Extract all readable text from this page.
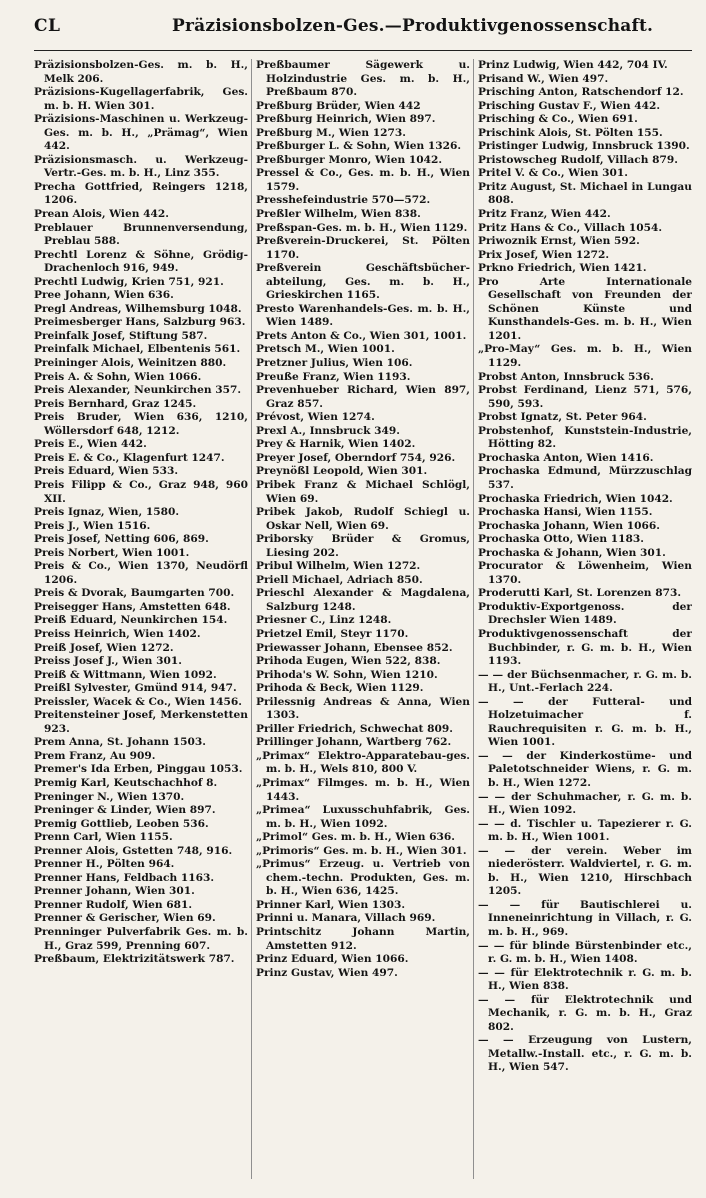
CL	Präzisionsbolzen-Ges.—Produktivgenossenschaft.

Präzisionsbolzen-Ges. m. b. H., Melk 206.

Präzisions-Kugellagerfabrik, Ges. m. b. H. Wien 301.

Präzisions-Maschinen u. Werkzeug-Ges. m. b. H., „Prämag“, Wien 442.

Präzisionsmasch. u. Werkzeug-Vertr.-Ges. m. b. H., Linz 355.

Precha Gottfried, Reingers 1218, 1206.

Prean Alois, Wien 442.

Preblauer Brunnenversendung, Preblau 588.

Prechtl Lorenz & Söhne, Grödig-Drachenloch 916, 949.

Prechtl Ludwig, Krien 751, 921.

Pree Johann, Wien 636.

Pregl Andreas, Wilhemsburg 1048.

Preimesberger Hans, Salzburg 963.

Preinfalk Josef, Stiftung 587.

Preinfalk Michael, Elbentenis 561.

Preininger Alois, Weinitzen 880.

Preis A. & Sohn, Wien 1066.

Preis Alexander, Neunkirchen 357.

Preis Bernhard, Graz 1245.

Preis Bruder, Wien 636, 1210, Wöllersdorf 648, 1212.

Preis E., Wien 442.

Preis E. & Co., Klagenfurt 1247.

Preis Eduard, Wien 533.

Preis Filipp & Co., Graz 948, 960 XII.

Preis Ignaz, Wien, 1580.

Preis J., Wien 1516.

Preis Josef, Netting 606, 869.

Preis Norbert, Wien 1001.

Preis & Co., Wien 1370, Neudörfl 1206.

Preis & Dvorak, Baumgarten 700.

Preisegger Hans, Amstetten 648.

Preiß Eduard, Neunkirchen 154.

Preiss Heinrich, Wien 1402.

Preiß Josef, Wien 1272.

Preiss Josef J., Wien 301.

Preiß & Wittmann, Wien 1092.

Preißl Sylvester, Gmünd 914, 947.

Preissler, Wacek & Co., Wien 1456.

Preitensteiner Josef, Merkenstetten 923.

Prem Anna, St. Johann 1503.

Prem Franz, Au 909.

Premer's Ida Erben, Pinggau 1053.

Premig Karl, Keutschachhof 8.

Preninger N., Wien 1370.

Preninger & Linder, Wien 897.

Premig Gottlieb, Leoben 536.

Prenn Carl, Wien 1155.

Prenner Alois, Gstetten 748, 916.

Prenner H., Pölten 964.

Prenner Hans, Feldbach 1163.

Prenner Johann, Wien 301.

Prenner Rudolf, Wien 681.

Prenner & Gerischer, Wien 69.

Prenninger Pulverfabrik Ges. m. b. H., Graz 599, Prenning 607.

Preßbaum, Elektrizitätswerk 787.

Preßbaumer Sägewerk u. Holzindustrie Ges. m. b. H., Preßbaum 870.

Preßburg Brüder, Wien 442

Preßburg Heinrich, Wien 897.

Preßburg M., Wien 1273.

Preßburger L. & Sohn, Wien 1326.

Preßburger Monro, Wien 1042.

Pressel & Co., Ges. m. b. H., Wien 1579.

Presshefeindustrie 570—572.

Preßler Wilhelm, Wien 838.

Preßspan-Ges. m. b. H., Wien 1129.

Preßverein-Druckerei, St. Pölten 1170.

Preßverein Geschäftsbücher-abteilung, Ges. m. b. H., Grieskirchen 1165.

Presto Warenhandels-Ges. m. b. H., Wien 1489.

Prets Anton & Co., Wien 301, 1001.

Pretsch M., Wien 1001.

Pretzner Julius, Wien 106.

Preuße Franz, Wien 1193.

Prevenhueber Richard, Wien 897, Graz 857.

Prévost, Wien 1274.

Prexl A., Innsbruck 349.

Prey & Harnik, Wien 1402.

Preyer Josef, Oberndorf 754, 926.

Preynößl Leopold, Wien 301.

Pribek Franz & Michael Schlögl, Wien 69.

Pribek Jakob, Rudolf Schiegl u. Oskar Nell, Wien 69.

Priborsky Brüder & Gromus, Liesing 202.

Pribul Wilhelm, Wien 1272.

Priell Michael, Adriach 850.

Prieschl Alexander & Magdalena, Salzburg 1248.

Priesner C., Linz 1248.

Prietzel Emil, Steyr 1170.

Priewasser Johann, Ebensee 852.

Prihoda Eugen, Wien 522, 838.

Prihoda's W. Sohn, Wien 1210.

Prihoda & Beck, Wien 1129.

Prilessnig Andreas & Anna, Wien 1303.

Priller Friedrich, Schwechat 809.

Prillinger Johann, Wartberg 762.

„Primax“ Elektro-Apparatebau-ges. m. b. H., Wels 810, 800 V.

„Primax“ Filmges. m. b. H., Wien 1443.

„Primea“ Luxusschuhfabrik, Ges. m. b. H., Wien 1092.

„Primol“ Ges. m. b. H., Wien 636.

„Primoris“ Ges. m. b. H., Wien 301.

„Primus“ Erzeug. u. Vertrieb von chem.-techn. Produkten, Ges. m. b. H., Wien 636, 1425.

Prinner Karl, Wien 1303.

Prinni u. Manara, Villach 969.

Printschitz Johann Martin, Amstetten 912.

Prinz Eduard, Wien 1066.

Prinz Gustav, Wien 497.

Prinz Ludwig, Wien 442, 704 IV.

Prisand W., Wien 497.

Prisching Anton, Ratschendorf 12.

Prisching Gustav F., Wien 442.

Prisching & Co., Wien 691.

Prischink Alois, St. Pölten 155.

Pristinger Ludwig, Innsbruck 1390.

Pristowscheg Rudolf, Villach 879.

Pritel V. & Co., Wien 301.

Pritz August, St. Michael in Lungau 808.

Pritz Franz, Wien 442.

Pritz Hans & Co., Villach 1054.

Priwoznik Ernst, Wien 592.

Prix Josef, Wien 1272.

Prkno Friedrich, Wien 1421.

Pro Arte Internationale Gesellschaft von Freunden der Schönen Künste und Kunsthandels-Ges. m. b. H., Wien 1201.

„Pro-May“ Ges. m. b. H., Wien 1129.

Probst Anton, Innsbruck 536.

Probst Ferdinand, Lienz 571, 576, 590, 593.

Probst Ignatz, St. Peter 964.

Probstenhof, Kunststein-Industrie, Hötting 82.

Prochaska Anton, Wien 1416.

Prochaska Edmund, Mürzzuschlag 537.

Prochaska Friedrich, Wien 1042.

Prochaska Hansi, Wien 1155.

Prochaska Johann, Wien 1066.

Prochaska Otto, Wien 1183.

Prochaska & Johann, Wien 301.

Procurator & Löwenheim, Wien 1370.

Proderutti Karl, St. Lorenzen 873.

Produktiv-Exportgenoss. der Drechsler Wien 1489.

Produktivgenossenschaft der Buchbinder, r. G. m. b. H., Wien 1193.

— — der Büchsenmacher, r. G. m. b. H., Unt.-Ferlach 224.

— — der Futteral- und Holzetuimacher f. Rauchrequisiten r. G. m. b. H., Wien 1001.

— — der Kinderkostüme- und Paletotschneider Wiens, r. G. m. b. H., Wien 1272.

— — der Schuhmacher, r. G. m. b. H., Wien 1092.

— — d. Tischler u. Tapezierer r. G. m. b. H., Wien 1001.

— — der verein. Weber im niederösterr. Waldviertel, r. G. m. b. H., Wien 1210, Hirschbach 1205.

— — für Bautischlerei u. Inneneinrichtung in Villach, r. G. m. b. H., 969.

— — für blinde Bürstenbinder etc., r. G. m. b. H., Wien 1408.

— — für Elektrotechnik r. G. m. b. H., Wien 838.

— — für Elektrotechnik und Mechanik, r. G. m. b. H., Graz 802.

— — Erzeugung von Lustern, Metallw.-Install. etc., r. G. m. b. H., Wien 547.
